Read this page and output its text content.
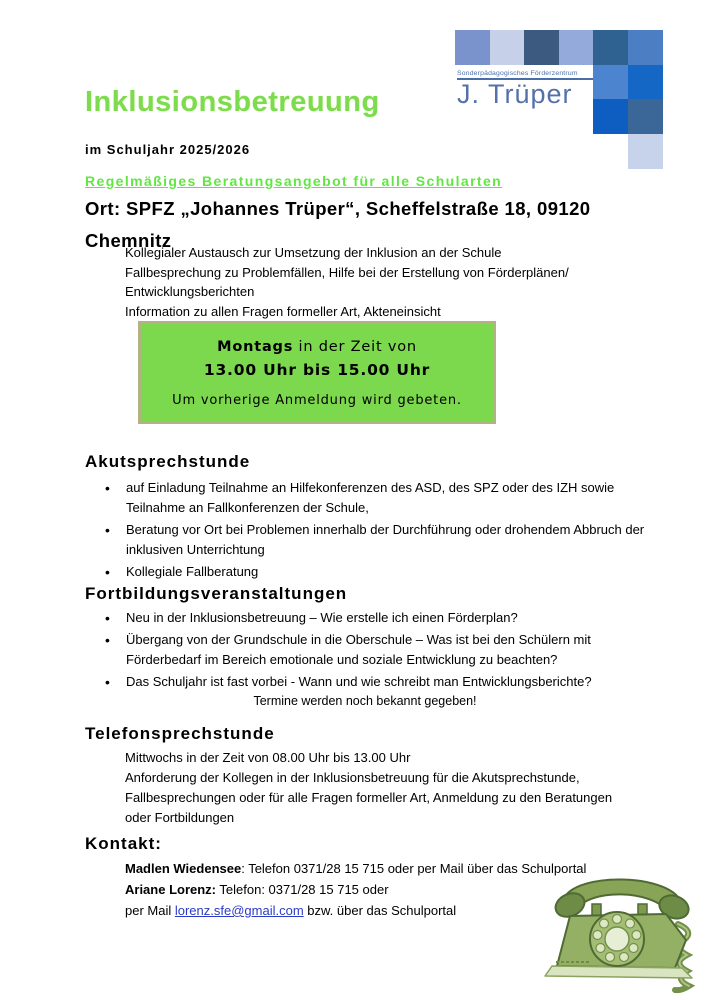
Sonderpädagogisches Förderzentrum
J. Trüper
Inklusionsbetreuung
im Schuljahr 2025/2026
Regelmäßiges Beratungsangebot für alle Schularten
Ort: SPFZ „Johannes Trüper“, Scheffelstraße 18, 09120 Chemnitz
Kollegialer Austausch zur Umsetzung der Inklusion an der Schule
Fallbesprechung zu Problemfällen, Hilfe bei der Erstellung von Förderplänen/
Entwicklungsberichten
Information zu allen Fragen formeller Art, Akteneinsicht
Montags in der Zeit von
13.00 Uhr bis 15.00 Uhr
Um vorherige Anmeldung wird gebeten.
Akutsprechstunde
• auf Einladung Teilnahme an Hilfekonferenzen des ASD, des SPZ oder des IZH sowie Teilnahme an Fallkonferenzen der Schule,
• Beratung vor Ort bei Problemen innerhalb der Durchführung oder drohendem Abbruch der inklusiven Unterrichtung
• Kollegiale Fallberatung
Fortbildungsveranstaltungen
• Neu in der Inklusionsbetreuung – Wie erstelle ich einen Förderplan?
• Übergang von der Grundschule in die Oberschule – Was ist bei den Schülern mit Förderbedarf im Bereich emotionale und soziale Entwicklung zu beachten?
• Das Schuljahr ist fast vorbei - Wann und wie schreibt man Entwicklungsberichte?
Termine werden noch bekannt gegeben!
Telefonsprechstunde
Mittwochs in der Zeit von 08.00 Uhr bis 13.00 Uhr
Anforderung der Kollegen in der Inklusionsbetreuung für die Akutsprechstunde,
Fallbesprechungen oder für alle Fragen formeller Art, Anmeldung zu den Beratungen
oder Fortbildungen
Kontakt:
Madlen Wiedensee: Telefon 0371/28 15 715 oder per Mail über das Schulportal
Ariane Lorenz: Telefon: 0371/28 15 715 oder
per Mail lorenz.sfe@gmail.com bzw. über das Schulportal
